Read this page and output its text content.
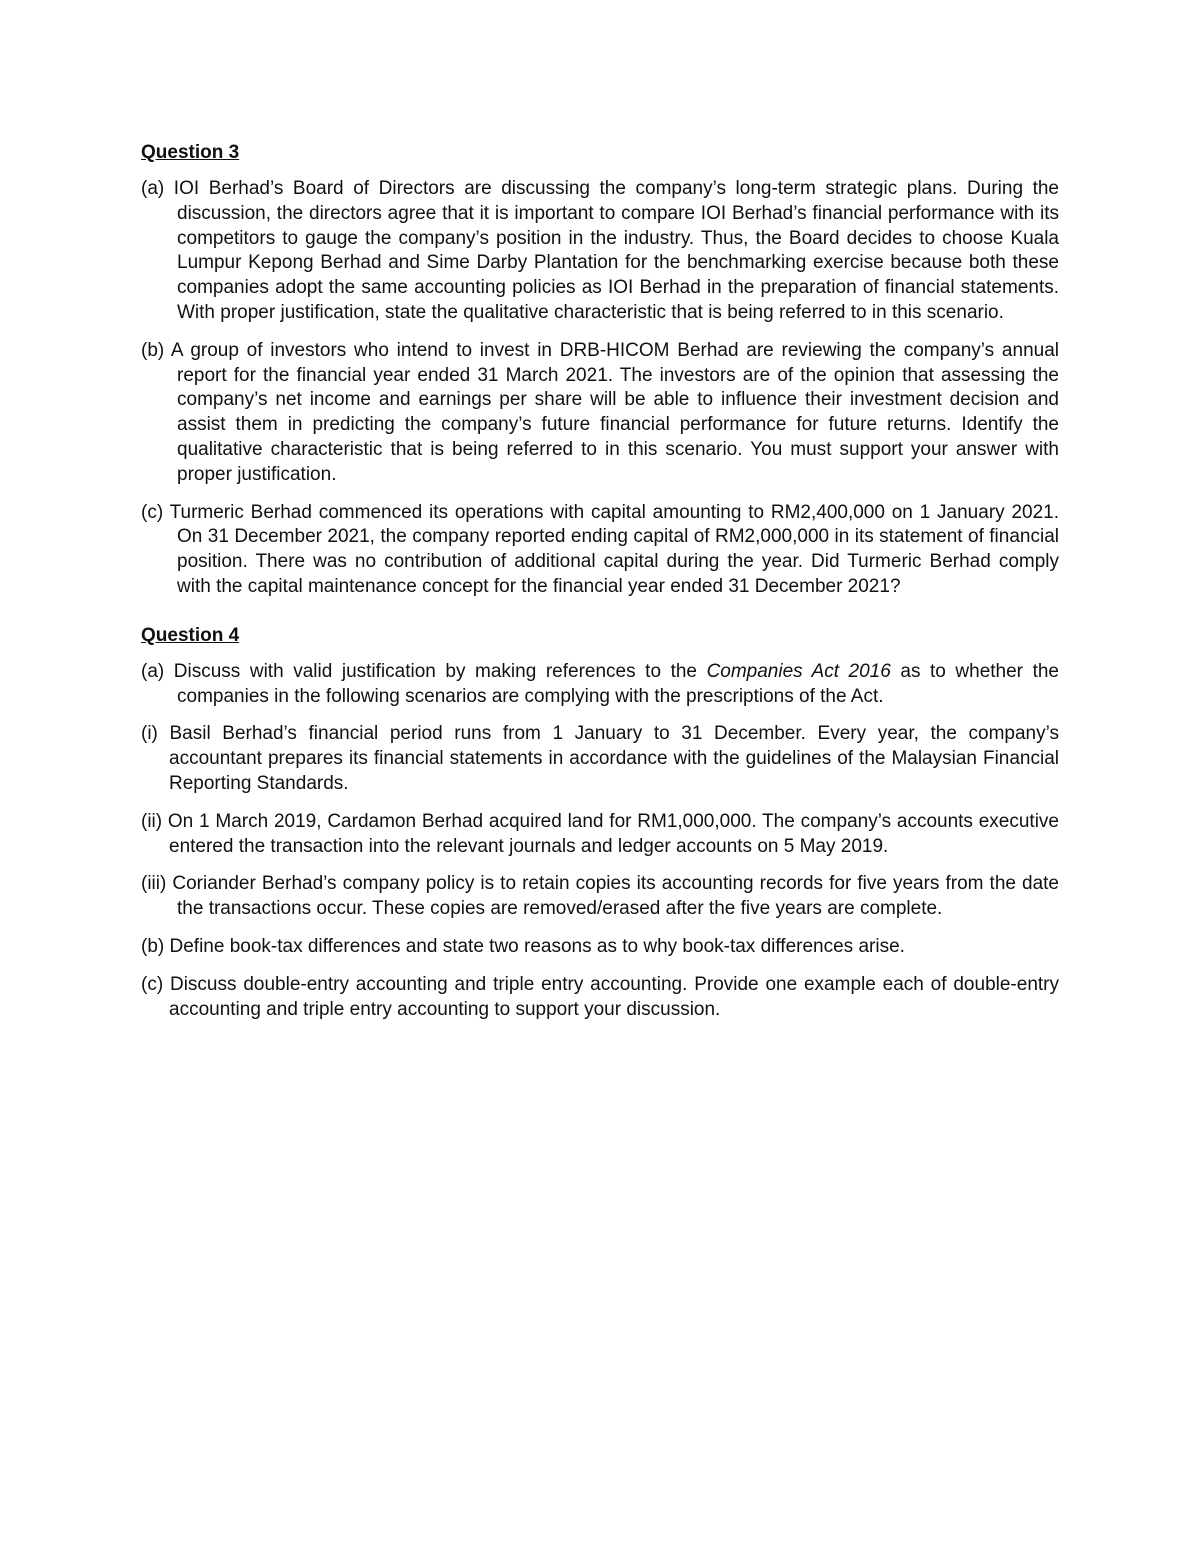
Question 3

(a) IOI Berhad’s Board of Directors are discussing the company’s long-term strategic plans. During the discussion, the directors agree that it is important to compare IOI Berhad’s financial performance with its competitors to gauge the company’s position in the industry. Thus, the Board decides to choose Kuala Lumpur Kepong Berhad and Sime Darby Plantation for the benchmarking exercise because both these companies adopt the same accounting policies as IOI Berhad in the preparation of financial statements. With proper justification, state the qualitative characteristic that is being referred to in this scenario.

(b) A group of investors who intend to invest in DRB-HICOM Berhad are reviewing the company’s annual report for the financial year ended 31 March 2021. The investors are of the opinion that assessing the company’s net income and earnings per share will be able to influence their investment decision and assist them in predicting the company’s future financial performance for future returns. Identify the qualitative characteristic that is being referred to in this scenario. You must support your answer with proper justification.

(c) Turmeric Berhad commenced its operations with capital amounting to RM2,400,000 on 1 January 2021. On 31 December 2021, the company reported ending capital of RM2,000,000 in its statement of financial position. There was no contribution of additional capital during the year. Did Turmeric Berhad comply with the capital maintenance concept for the financial year ended 31 December 2021?

Question 4

(a) Discuss with valid justification by making references to the Companies Act 2016 as to whether the companies in the following scenarios are complying with the prescriptions of the Act.

(i) Basil Berhad’s financial period runs from 1 January to 31 December. Every year, the company’s accountant prepares its financial statements in accordance with the guidelines of the Malaysian Financial Reporting Standards.

(ii) On 1 March 2019, Cardamon Berhad acquired land for RM1,000,000. The company’s accounts executive entered the transaction into the relevant journals and ledger accounts on 5 May 2019.

(iii) Coriander Berhad’s company policy is to retain copies its accounting records for five years from the date the transactions occur. These copies are removed/erased after the five years are complete.

(b) Define book-tax differences and state two reasons as to why book-tax differences arise.

(c) Discuss double-entry accounting and triple entry accounting. Provide one example each of double-entry accounting and triple entry accounting to support your discussion.
